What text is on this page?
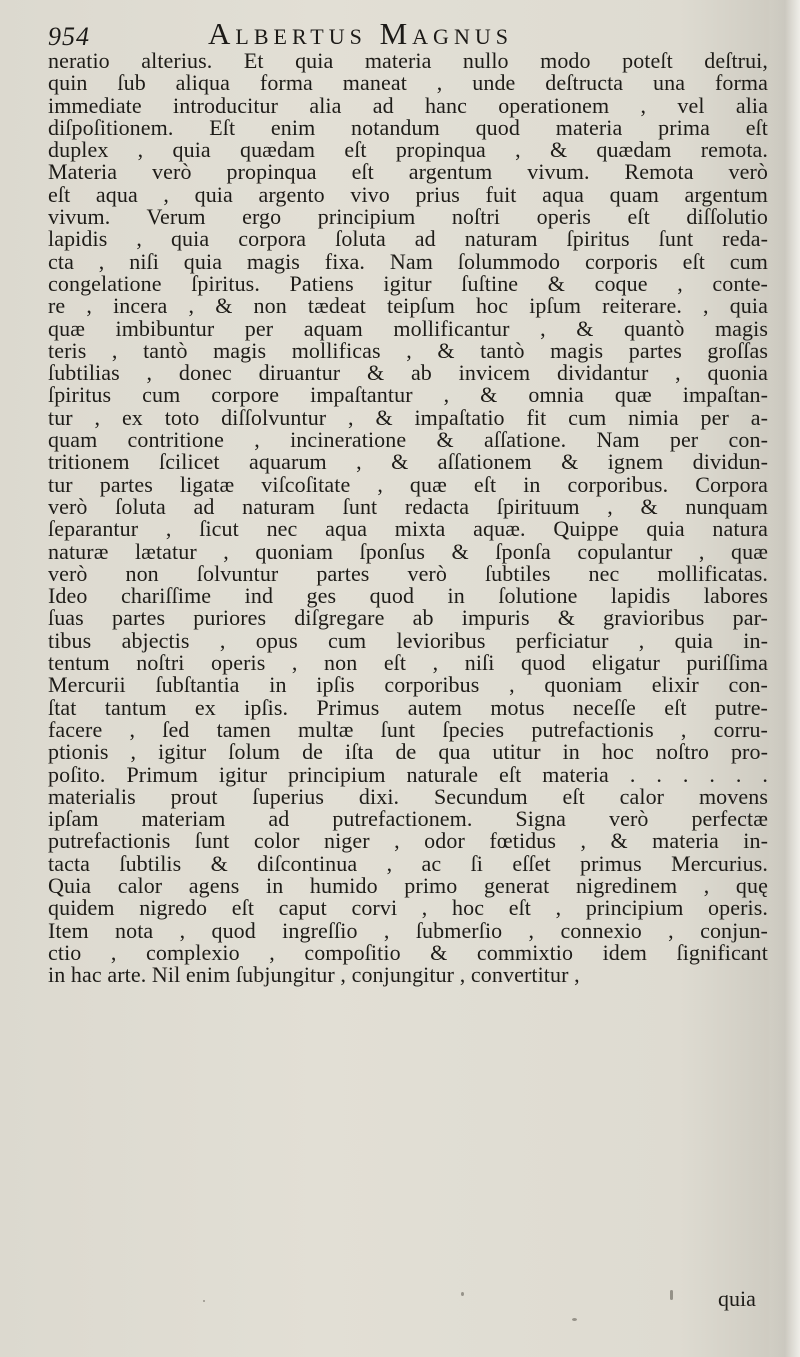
954	Albertus Magnus
neratio alterius. Et quia materia nullo modo poteſt deſtrui,
quin ſub aliqua forma maneat , unde deſtructa una forma
immediate introducitur alia ad hanc operationem , vel alia
diſpoſitionem. Eſt enim notandum quod materia prima eſt
duplex , quia quædam eſt propinqua , & quædam remota.
Materia verò propinqua eſt argentum vivum. Remota verò
eſt aqua , quia argento vivo prius fuit aqua quam argentum
vivum. Verum ergo principium noſtri operis eſt diſſolutio
lapidis , quia corpora ſoluta ad naturam ſpiritus ſunt reda-
cta , niſi quia magis fixa. Nam ſolummodo corporis eſt cum
congelatione ſpiritus. Patiens igitur ſuſtine & coque , conte-
re , incera , & non tædeat teipſum hoc ipſum reiterare. , quia
quæ imbibuntur per aquam mollificantur , & quantò magis
teris , tantò magis mollificas , & tantò magis partes groſſas
ſubtilias , donec diruantur & ab invicem dividantur , quonia
ſpiritus cum corpore impaſtantur , & omnia quæ impaſtan-
tur , ex toto diſſolvuntur , & impaſtatio fit cum nimia per a-
quam contritione , incineratione & aſſatione. Nam per con-
tritionem ſcilicet aquarum , & aſſationem & ignem dividun-
tur partes ligatæ viſcoſitate , quæ eſt in corporibus. Corpora
verò ſoluta ad naturam ſunt redacta ſpirituum , & nunquam
ſeparantur , ſicut nec aqua mixta aquæ. Quippe quia natura
naturæ lætatur , quoniam ſponſus & ſponſa copulantur , quæ
verò non ſolvuntur partes verò ſubtiles nec mollificatas.
Ideo chariſſime ind ges quod in ſolutione lapidis labores
ſuas partes puriores diſgregare ab impuris & gravioribus par-
tibus abjectis , opus cum levioribus perficiatur , quia in-
tentum noſtri operis , non eſt , niſi quod eligatur puriſſima
Mercurii ſubſtantia in ipſis corporibus , quoniam elixir con-
ſtat tantum ex ipſis. Primus autem motus neceſſe eſt putre-
facere , ſed tamen multæ ſunt ſpecies putrefactionis , corru-
ptionis , igitur ſolum de iſta de qua utitur in hoc noſtro pro-
poſito. Primum igitur principium naturale eſt materia . . . . . .
materialis prout ſuperius dixi. Secundum eſt calor movens
ipſam materiam ad putrefactionem. Signa verò perfectæ
putrefactionis ſunt color niger , odor fœtidus , & materia in-
tacta ſubtilis & diſcontinua , ac ſi eſſet primus Mercurius.
Quia calor agens in humido primo generat nigredinem , quę
quidem nigredo eſt caput corvi , hoc eſt , principium operis.
Item nota , quod ingreſſio , ſubmerſio , connexio , conjun-
ctio , complexio , compoſitio & commixtio idem ſignificant
in hac arte. Nil enim ſubjungitur , conjungitur , convertitur ,
quia
